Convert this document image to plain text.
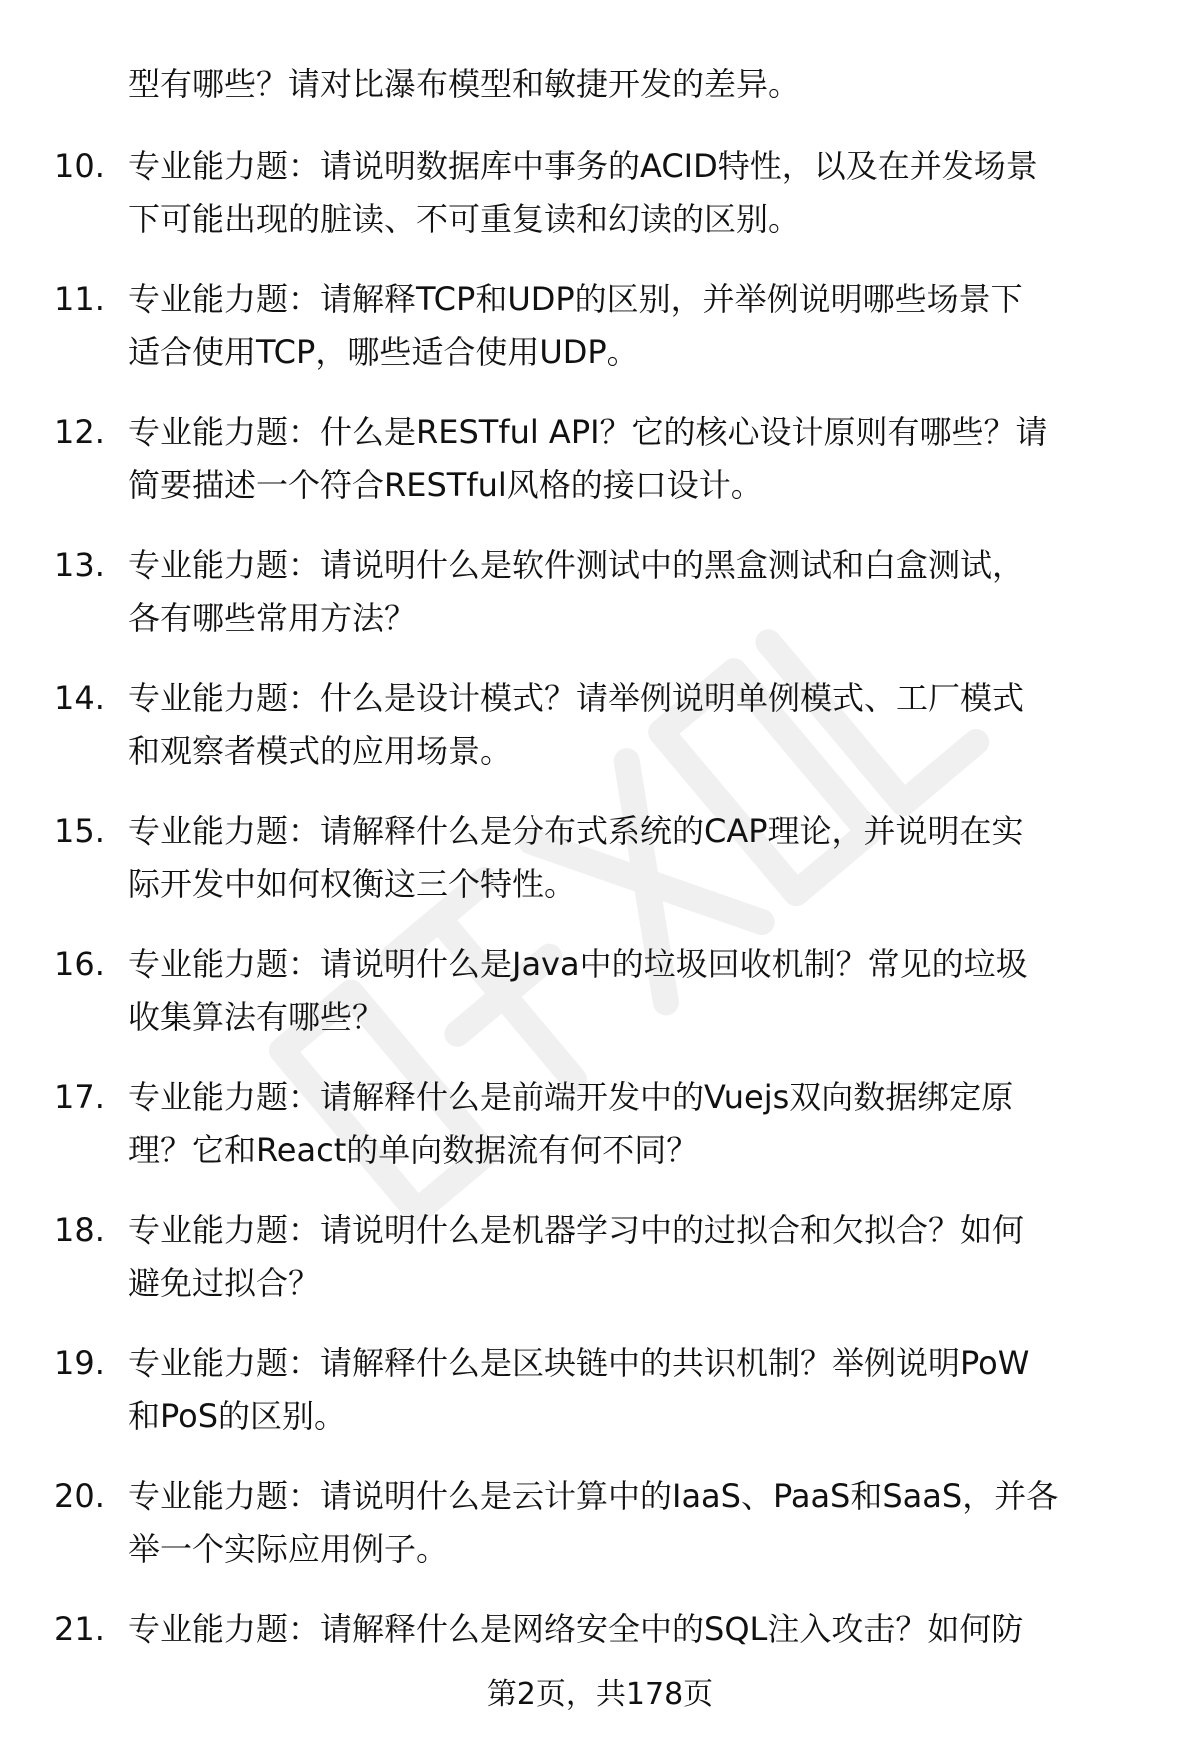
型有哪些？请对比瀑布模型和敏捷开发的差异。
10. 专业能力题：请说明数据库中事务的ACID特性，以及在并发场景
下可能出现的脏读、不可重复读和幻读的区别。
11. 专业能力题：请解释TCP和UDP的区别，并举例说明哪些场景下
适合使用TCP，哪些适合使用UDP。
12. 专业能力题：什么是RESTful API？它的核心设计原则有哪些？请
简要描述一个符合RESTful风格的接口设计。
13. 专业能力题：请说明什么是软件测试中的黑盒测试和白盒测试，
各有哪些常用方法？
14. 专业能力题：什么是设计模式？请举例说明单例模式、工厂模式
和观察者模式的应用场景。
15. 专业能力题：请解释什么是分布式系统的CAP理论，并说明在实
际开发中如何权衡这三个特性。
16. 专业能力题：请说明什么是Java中的垃圾回收机制？常见的垃圾
收集算法有哪些？
17. 专业能力题：请解释什么是前端开发中的Vuejs双向数据绑定原
理？它和React的单向数据流有何不同？
18. 专业能力题：请说明什么是机器学习中的过拟合和欠拟合？如何
避免过拟合？
19. 专业能力题：请解释什么是区块链中的共识机制？举例说明PoW
和PoS的区别。
20. 专业能力题：请说明什么是云计算中的IaaS、PaaS和SaaS，并各
举一个实际应用例子。
21. 专业能力题：请解释什么是网络安全中的SQL注入攻击？如何防
第2页，共178页
